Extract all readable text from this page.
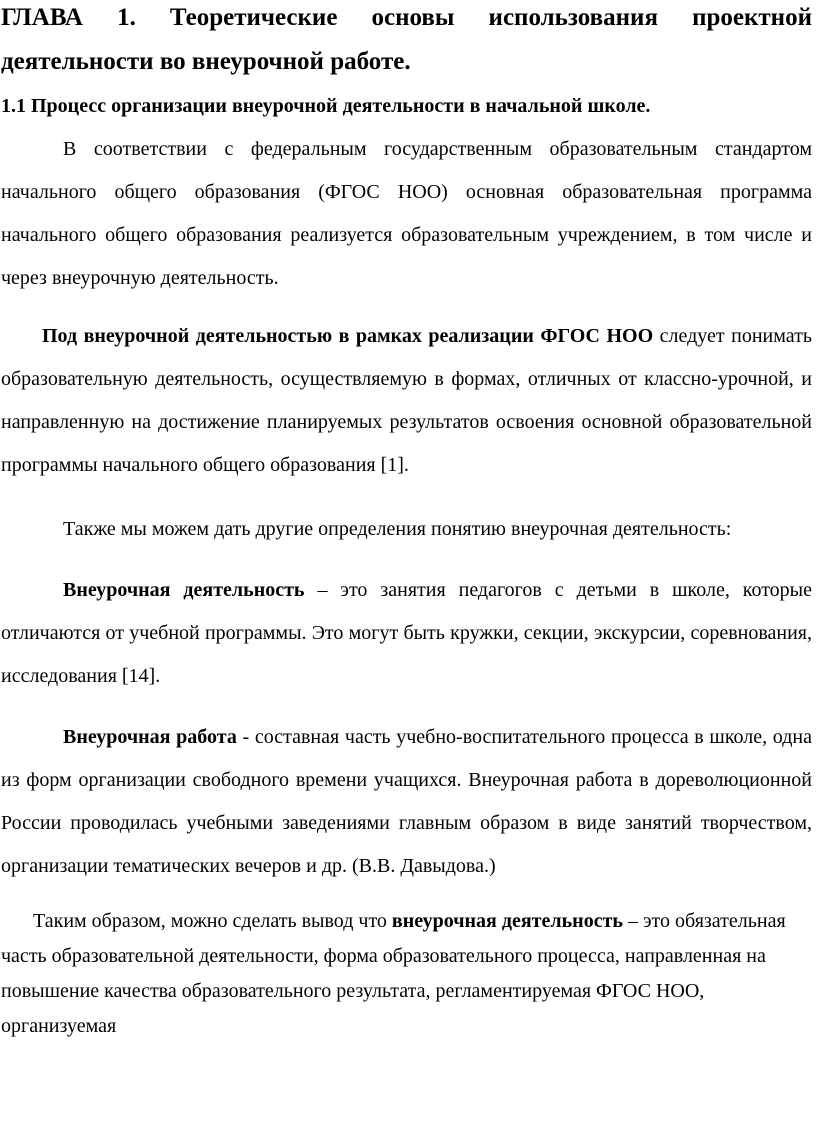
ГЛАВА 1. Теоретические основы использования проектной деятельности во внеурочной работе.
1.1 Процесс организации внеурочной деятельности в начальной школе.

В соответствии с федеральным государственным образовательным стандартом начального общего образования (ФГОС НОО) основная образовательная программа начального общего образования реализуется образовательным учреждением, в том числе и через внеурочную деятельность.

Под внеурочной деятельностью в рамках реализации ФГОС НОО следует понимать образовательную деятельность, осуществляемую в формах, отличных от классно-урочной, и направленную на достижение планируемых результатов освоения основной образовательной программы начального общего образования [1].

Также мы можем дать другие определения понятию внеурочная деятельность:

Внеурочная деятельность – это занятия педагогов с детьми в школе, которые отличаются от учебной программы. Это могут быть кружки, секции, экскурсии, соревнования, исследования [14].

Внеурочная работа - составная часть учебно-воспитательного процесса в школе, одна из форм организации свободного времени учащихся. Внеурочная работа в дореволюционной России проводилась учебными заведениями главным образом в виде занятий творчеством, организации тематических вечеров и др. (В.В. Давыдова.)

Таким образом, можно сделать вывод что внеурочная деятельность – это обязательная часть образовательной деятельности, форма образовательного процесса, направленная на повышение качества образовательного результата, регламентируемая ФГОС НОО, организуемая
